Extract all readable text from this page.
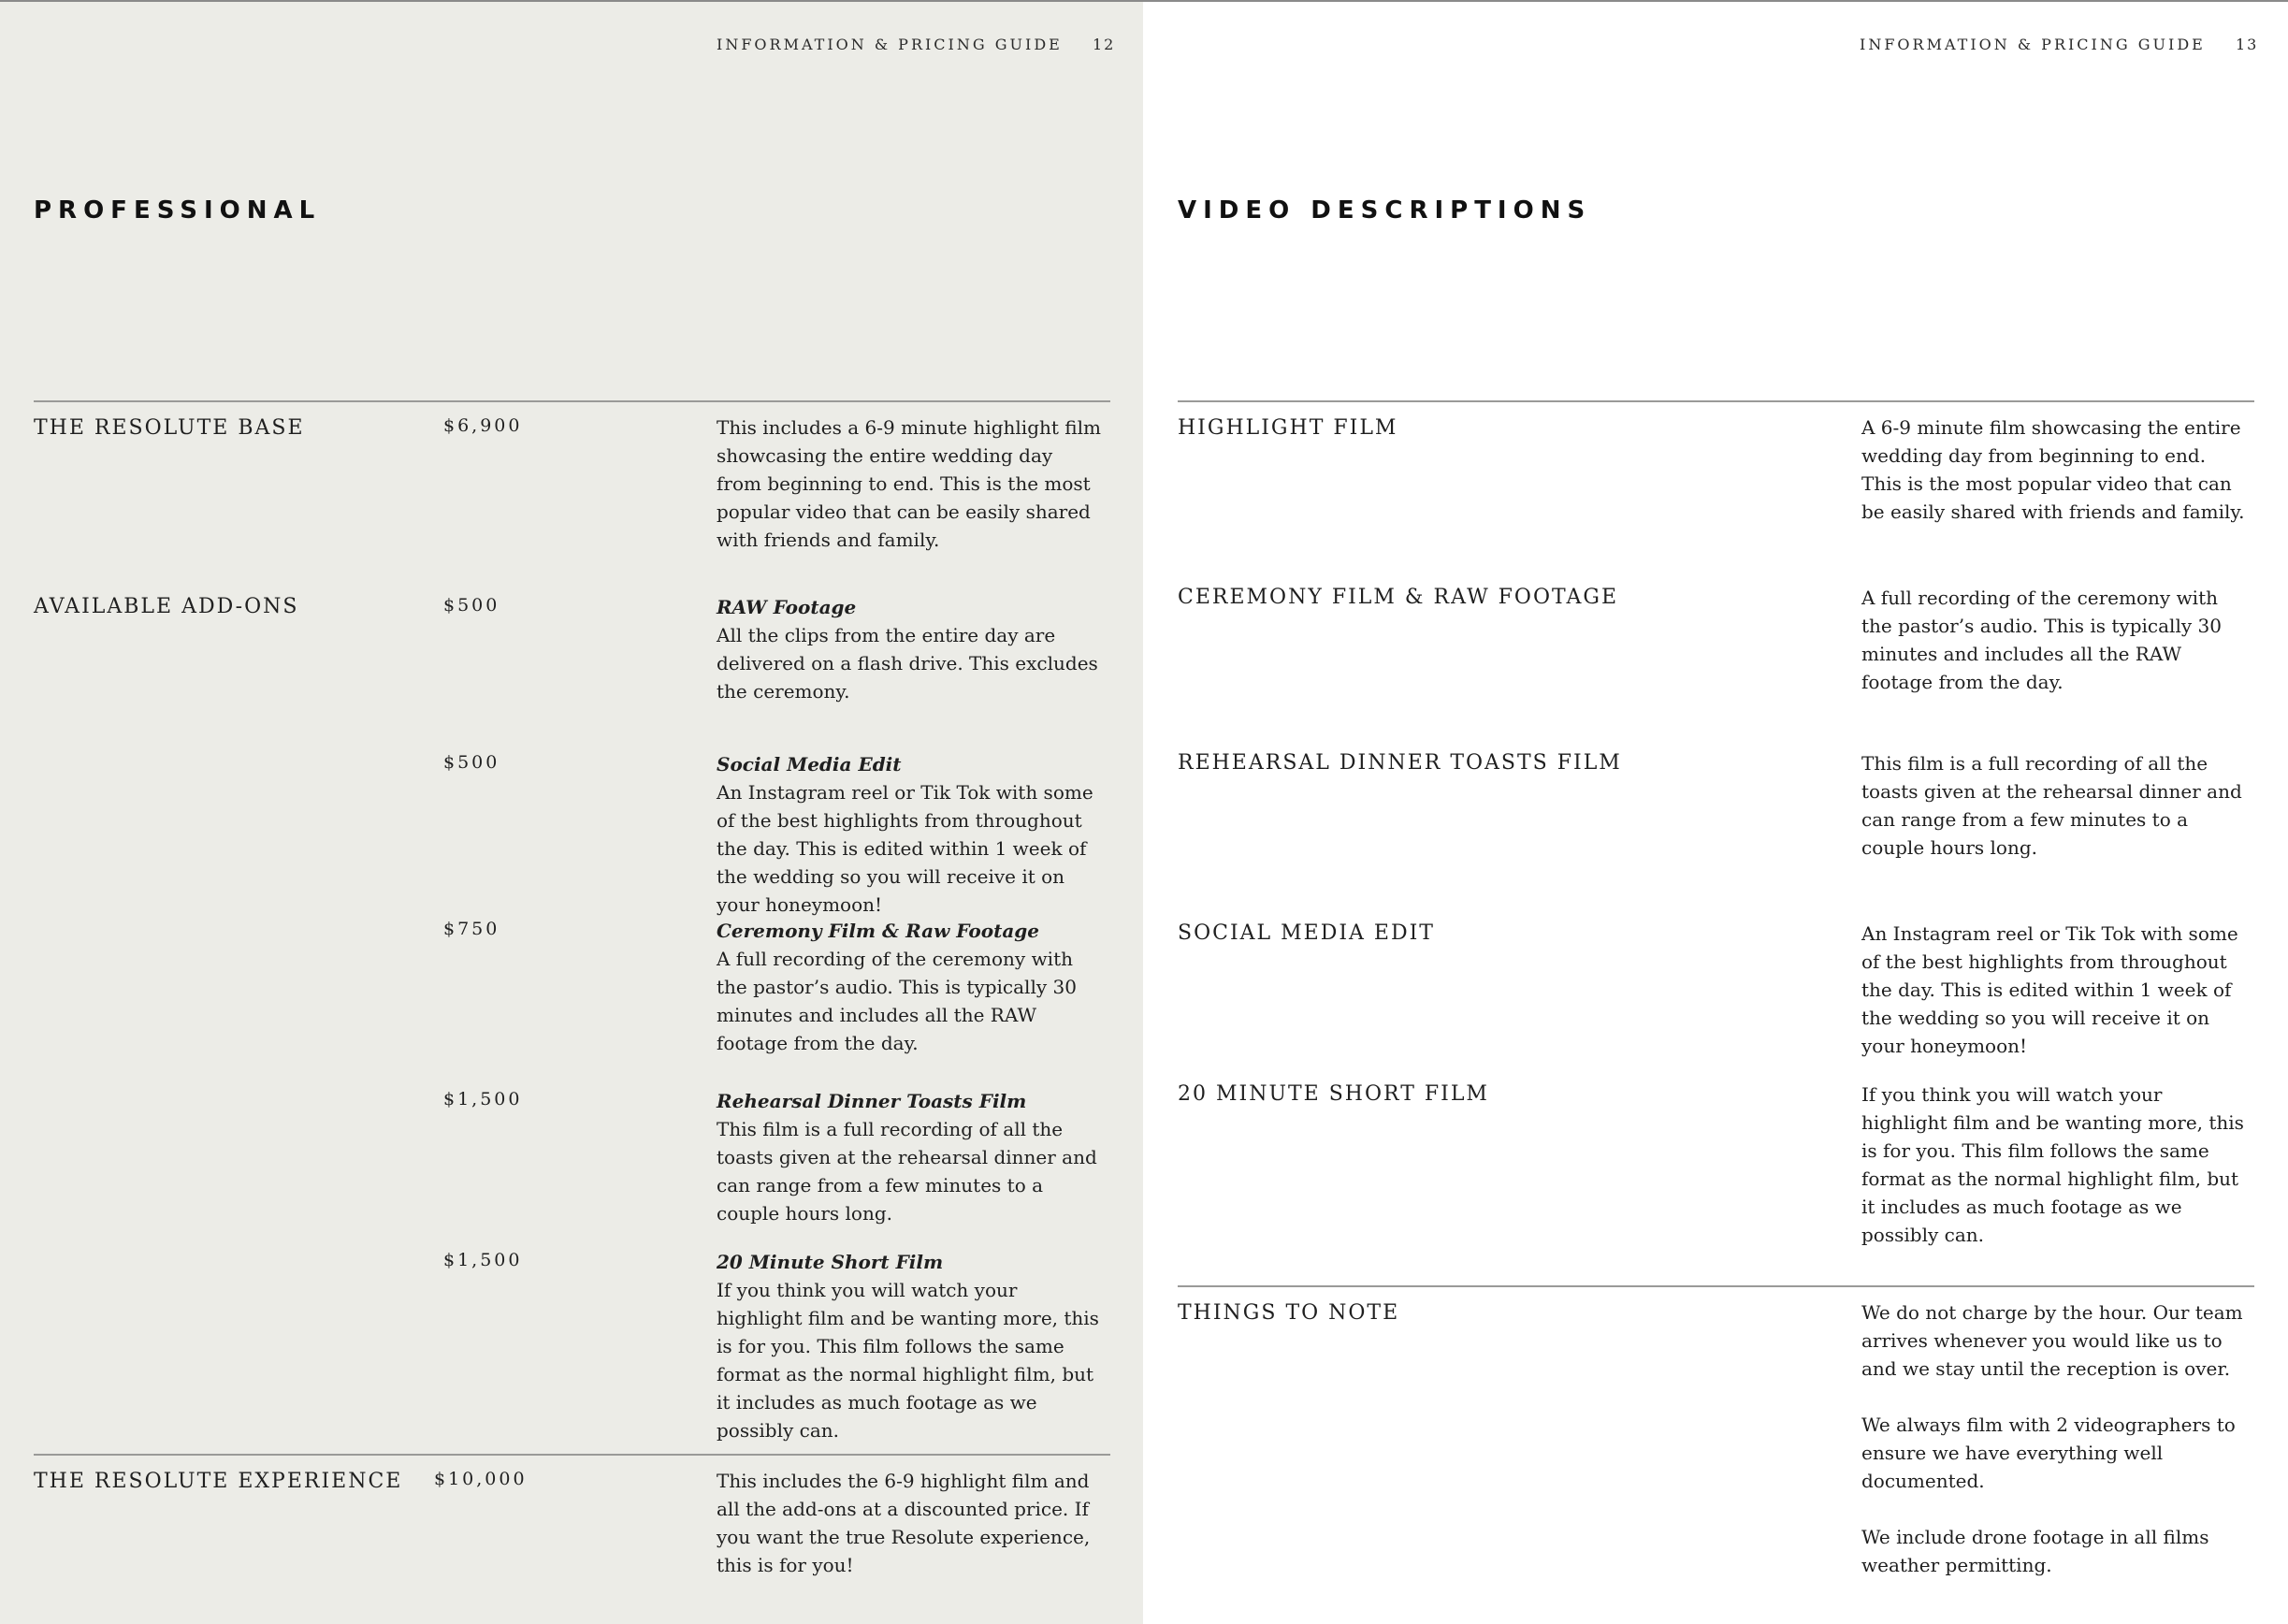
INFORMATION & PRICING GUIDE 12
PROFESSIONAL
THE RESOLUTE BASE	$6,900	This includes a 6-9 minute highlight film showcasing the entire wedding day from beginning to end. This is the most popular video that can be easily shared with friends and family.
AVAILABLE ADD-ONS	$500	RAW Footage
All the clips from the entire day are delivered on a flash drive. This excludes the ceremony.
$500	Social Media Edit
An Instagram reel or Tik Tok with some of the best highlights from throughout the day. This is edited within 1 week of the wedding so you will receive it on your honeymoon!
$750	Ceremony Film & Raw Footage
A full recording of the ceremony with the pastor’s audio. This is typically 30 minutes and includes all the RAW footage from the day.
$1,500	Rehearsal Dinner Toasts Film
This film is a full recording of all the toasts given at the rehearsal dinner and can range from a few minutes to a couple hours long.
$1,500	20 Minute Short Film
If you think you will watch your highlight film and be wanting more, this is for you. This film follows the same format as the normal highlight film, but it includes as much footage as we possibly can.
THE RESOLUTE EXPERIENCE $10,000	This includes the 6-9 highlight film and all the add-ons at a discounted price. If you want the true Resolute experience, this is for you!
INFORMATION & PRICING GUIDE 13
VIDEO DESCRIPTIONS
HIGHLIGHT FILM	A 6-9 minute film showcasing the entire wedding day from beginning to end. This is the most popular video that can be easily shared with friends and family.
CEREMONY FILM & RAW FOOTAGE	A full recording of the ceremony with the pastor’s audio. This is typically 30 minutes and includes all the RAW footage from the day.
REHEARSAL DINNER TOASTS FILM	This film is a full recording of all the toasts given at the rehearsal dinner and can range from a few minutes to a couple hours long.
SOCIAL MEDIA EDIT	An Instagram reel or Tik Tok with some of the best highlights from throughout the day. This is edited within 1 week of the wedding so you will receive it on your honeymoon!
20 MINUTE SHORT FILM	If you think you will watch your highlight film and be wanting more, this is for you. This film follows the same format as the normal highlight film, but it includes as much footage as we possibly can.
THINGS TO NOTE	We do not charge by the hour. Our team arrives whenever you would like us to and we stay until the reception is over.

We always film with 2 videographers to ensure we have everything well documented.

We include drone footage in all films weather permitting.
